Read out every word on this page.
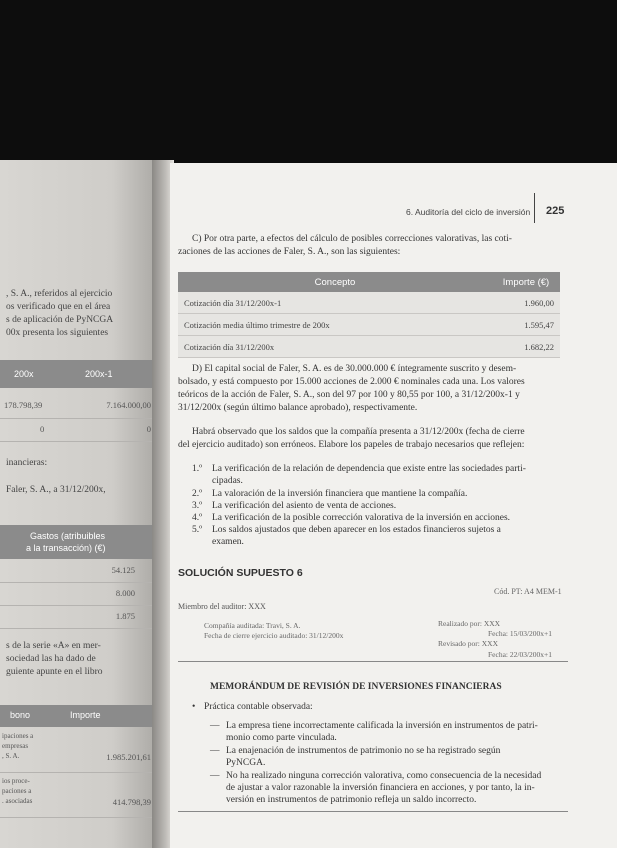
, S. A., referidos al ejercicio
os verificado que en el área
s de aplicación de PyNCGA
00x presenta los siguientes
200x	200x-1
178.798,39	7.164.000,00
0	0
inancieras:
Faler, S. A., a 31/12/200x,
Gastos (atribuibles
a la transacción) (€)
54.125
8.000
1.875
s de la serie «A» en mer-
sociedad las ha dado de
guiente apunte en el libro
bono	Importe
ipaciones a
empresas
, S. A.	1.985.201,61
ios proce-
paciones a
. asociadas	414.798,39
6. Auditoría del ciclo de inversión 225
C) Por otra parte, a efectos del cálculo de posibles correcciones valorativas, las coti-
zaciones de las acciones de Faler, S. A., son las siguientes:
Concepto	Importe (€)
Cotización día 31/12/200x-1	1.960,00
Cotización media último trimestre de 200x	1.595,47
Cotización día 31/12/200x	1.682,22
D) El capital social de Faler, S. A. es de 30.000.000 € íntegramente suscrito y desem-
bolsado, y está compuesto por 15.000 acciones de 2.000 € nominales cada una. Los valores
teóricos de la acción de Faler, S. A., son del 97 por 100 y 80,55 por 100, a 31/12/200x-1 y
31/12/200x (según último balance aprobado), respectivamente.
Habrá observado que los saldos que la compañía presenta a 31/12/200x (fecha de cierre
del ejercicio auditado) son erróneos. Elabore los papeles de trabajo necesarios que reflejen:
1.º La verificación de la relación de dependencia que existe entre las sociedades parti-
cipadas.
2.º La valoración de la inversión financiera que mantiene la compañía.
3.º La verificación del asiento de venta de acciones.
4.º La verificación de la posible corrección valorativa de la inversión en acciones.
5.º Los saldos ajustados que deben aparecer en los estados financieros sujetos a
examen.
SOLUCIÓN SUPUESTO 6
Cód. PT: A4 MEM-1
Miembro del auditor: XXX
Compañía auditada: Travi, S. A.
Fecha de cierre ejercicio auditado: 31/12/200x
Realizado por: XXX
Fecha: 15/03/200x+1
Revisado por: XXX
Fecha: 22/03/200x+1
MEMORÁNDUM DE REVISIÓN DE INVERSIONES FINANCIERAS
• Práctica contable observada:
— La empresa tiene incorrectamente calificada la inversión en instrumentos de patri-
monio como parte vinculada.
— La enajenación de instrumentos de patrimonio no se ha registrado según
PyNCGA.
— No ha realizado ninguna corrección valorativa, como consecuencia de la necesidad
de ajustar a valor razonable la inversión financiera en acciones, y por tanto, la in-
versión en instrumentos de patrimonio refleja un saldo incorrecto.
